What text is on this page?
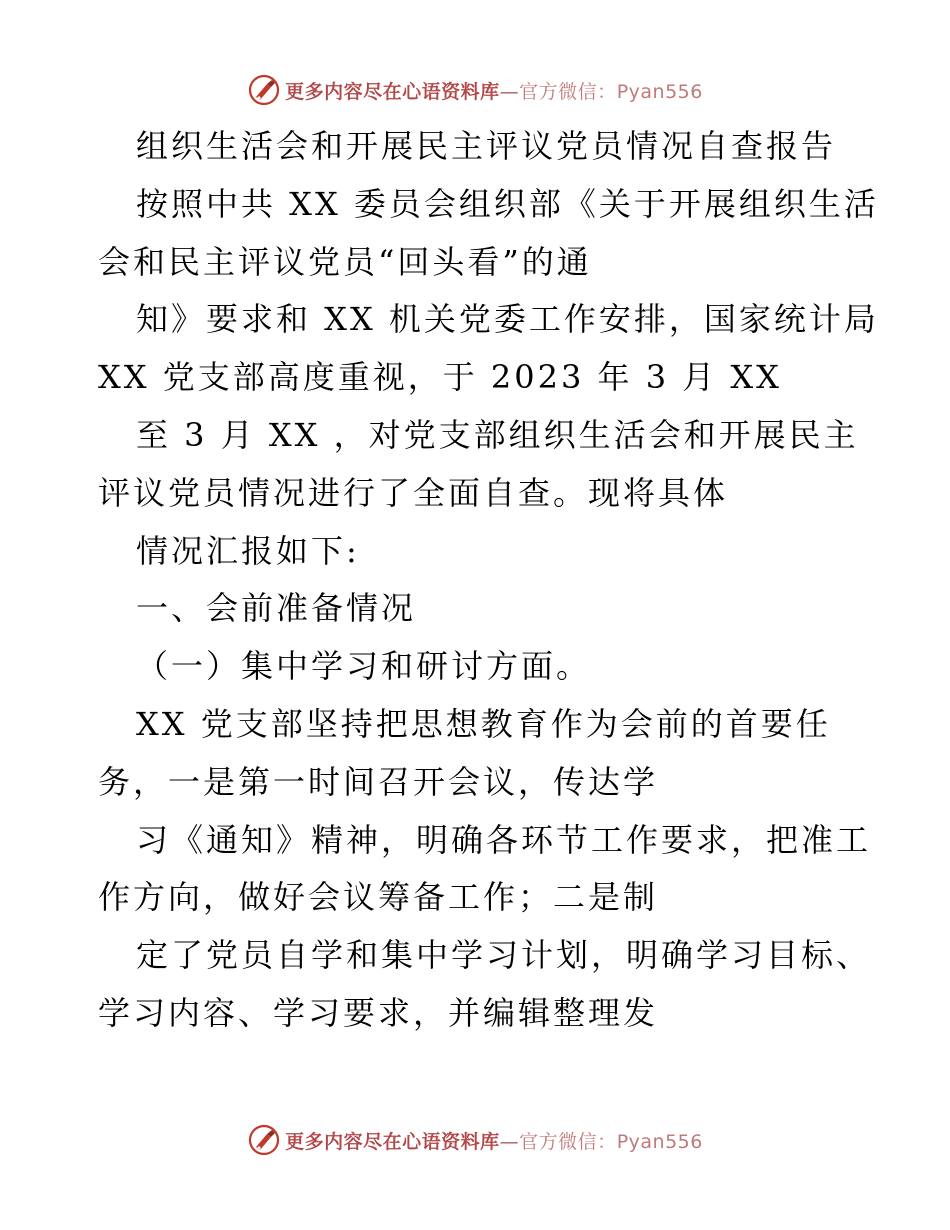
更多内容尽在心语资料库—官方微信：Pyan556
组织生活会和开展民主评议党员情况自查报告
按照中共 XX 委员会组织部《关于开展组织生活
会和民主评议党员“回头看”的通
知》要求和 XX 机关党委工作安排，国家统计局
XX 党支部高度重视，于 2023 年 3 月 XX
至 3 月 XX ，对党支部组织生活会和开展民主
评议党员情况进行了全面自查。现将具体
情况汇报如下:
一、会前准备情况
（一）集中学习和研讨方面。
XX 党支部坚持把思想教育作为会前的首要任
务，一是第一时间召开会议，传达学
习《通知》精神，明确各环节工作要求，把准工
作方向，做好会议筹备工作；二是制
定了党员自学和集中学习计划，明确学习目标、
学习内容、学习要求，并编辑整理发
更多内容尽在心语资料库—官方微信：Pyan556
